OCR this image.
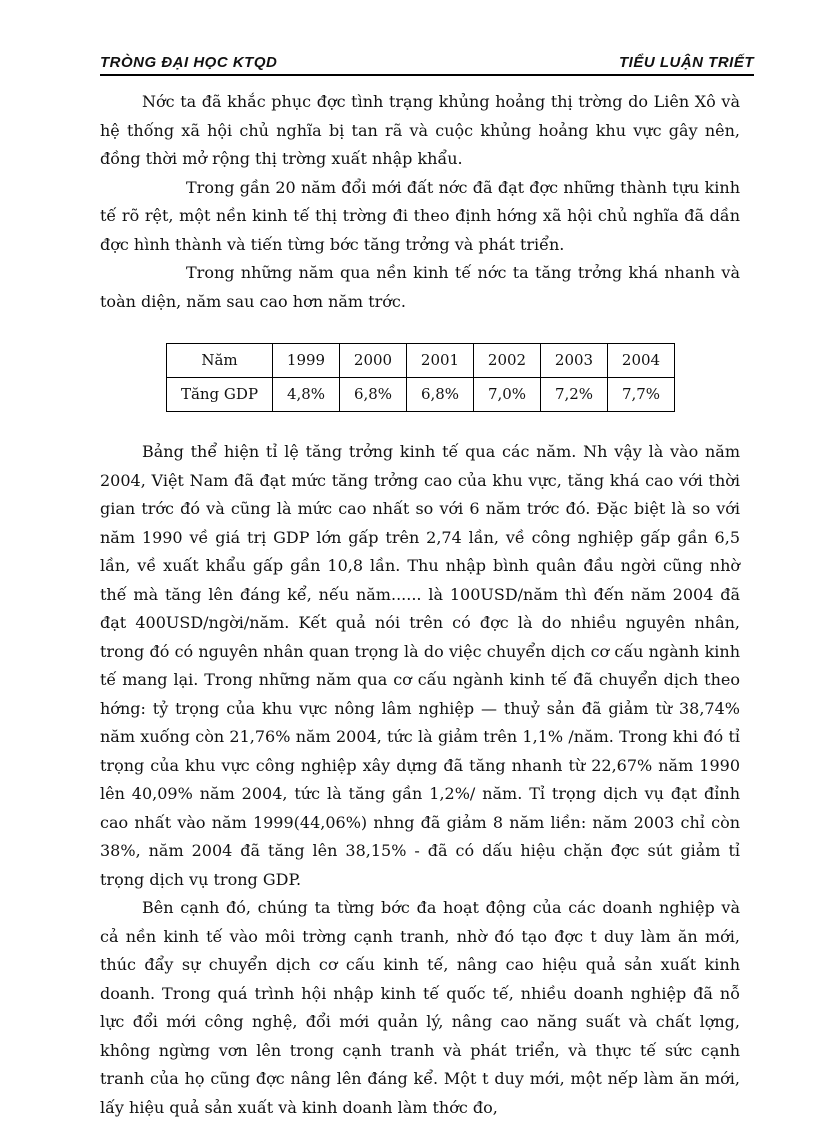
TRÒNG ĐẠI HỌC KTQD	TIỂU LUẬN TRIẾT

Nớc ta đã khắc phục đợc tình trạng khủng hoảng thị trờng do Liên Xô và hệ thống xã hội chủ nghĩa bị tan rã và cuộc khủng hoảng khu vực gây nên, đồng thời mở rộng thị trờng xuất nhập khẩu.

Trong gần 20 năm đổi mới đất nớc đã đạt đợc những thành tựu kinh tế rõ rệt, một nền kinh tế thị trờng đi theo định hớng xã hội chủ nghĩa đã dần đợc hình thành và tiến từng bớc tăng trởng và phát triển.

Trong những năm qua nền kinh tế nớc ta tăng trởng khá nhanh và toàn diện, năm sau cao hơn năm trớc.

Năm	1999	2000	2001	2002	2003	2004
Tăng GDP	4,8%	6,8%	6,8%	7,0%	7,2%	7,7%

Bảng thể hiện tỉ lệ tăng trởng kinh tế qua các năm. Nh vậy là vào năm 2004, Việt Nam đã đạt mức tăng trởng cao của khu vực, tăng khá cao với thời gian trớc đó và cũng là mức cao nhất so với 6 năm trớc đó. Đặc biệt là so với năm 1990 về giá trị GDP lớn gấp trên 2,74 lần, về công nghiệp gấp gần 6,5 lần, về xuất khẩu gấp gần 10,8 lần. Thu nhập bình quân đầu ngời cũng nhờ thế mà tăng lên đáng kể, nếu năm...... là 100USD/năm thì đến năm 2004 đã đạt 400USD/ngời/năm. Kết quả nói trên có đợc là do nhiều nguyên nhân, trong đó có nguyên nhân quan trọng là do việc chuyển dịch cơ cấu ngành kinh tế mang lại. Trong những năm qua cơ cấu ngành kinh tế đã chuyển dịch theo hớng: tỷ trọng của khu vực nông lâm nghiệp — thuỷ sản đã giảm từ 38,74% năm xuống còn 21,76% năm 2004, tức là giảm trên 1,1% /năm. Trong khi đó tỉ trọng của khu vực công nghiệp xây dựng đã tăng nhanh từ 22,67% năm 1990 lên 40,09% năm 2004, tức là tăng gần 1,2%/ năm. Tỉ trọng dịch vụ đạt đỉnh cao nhất vào năm 1999(44,06%) nhng đã giảm 8 năm liền: năm 2003 chỉ còn 38%, năm 2004 đã tăng lên 38,15% - đã có dấu hiệu chặn đợc sút giảm tỉ trọng dịch vụ trong GDP.

Bên cạnh đó, chúng ta từng bớc đa hoạt động của các doanh nghiệp và cả nền kinh tế vào môi trờng cạnh tranh, nhờ đó tạo đợc t duy làm ăn mới, thúc đẩy sự chuyển dịch cơ cấu kinh tế, nâng cao hiệu quả sản xuất kinh doanh. Trong quá trình hội nhập kinh tế quốc tế, nhiều doanh nghiệp đã nỗ lực đổi mới công nghệ, đổi mới quản lý, nâng cao năng suất và chất lợng, không ngừng vơn lên trong cạnh tranh và phát triển, và thực tế sức cạnh tranh của họ cũng đợc nâng lên đáng kể. Một t duy mới, một nếp làm ăn mới, lấy hiệu quả sản xuất và kinh doanh làm thớc đo,
